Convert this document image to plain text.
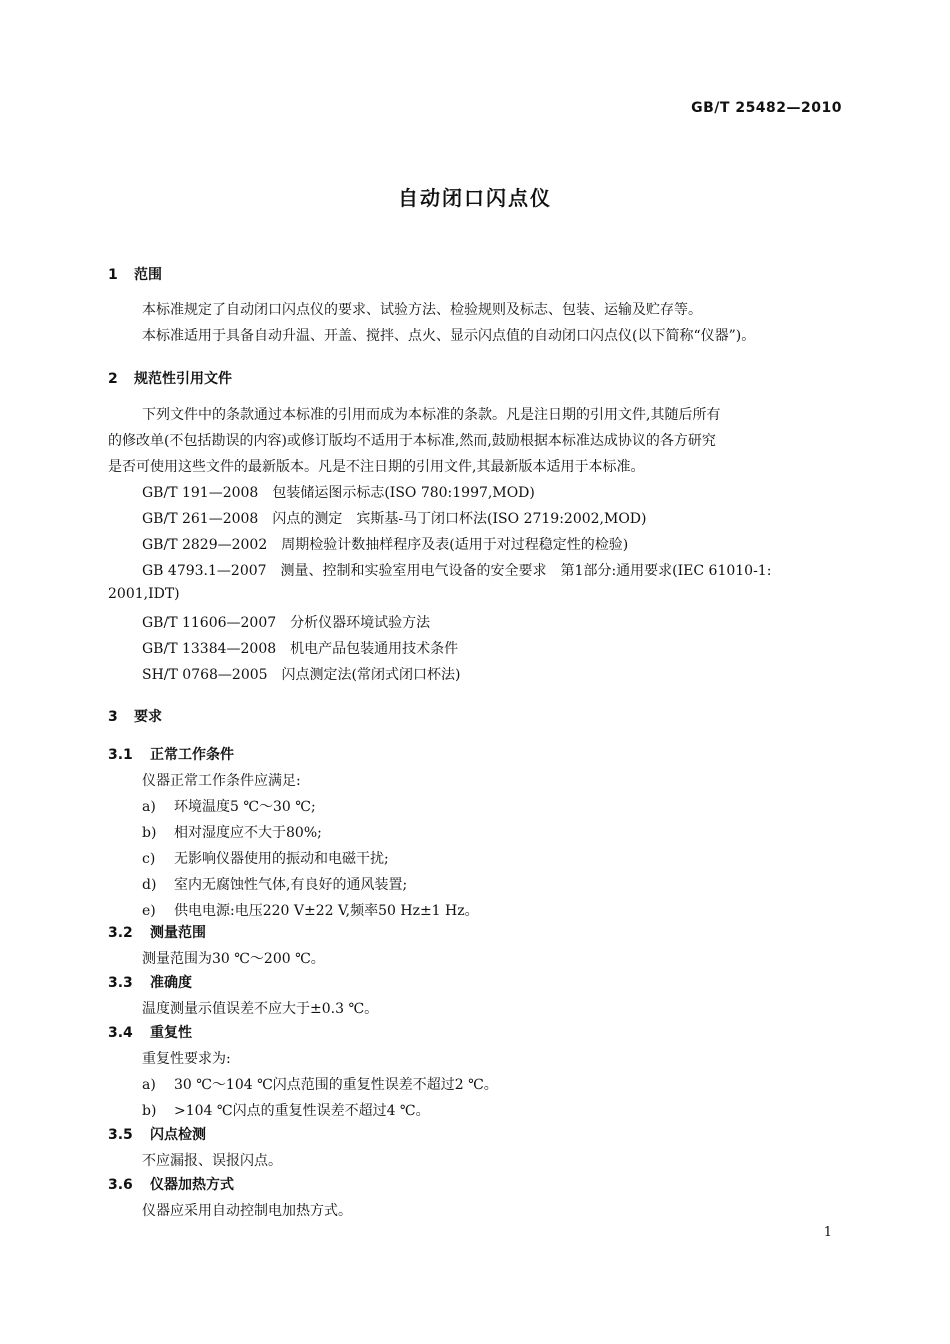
GB/T 25482—2010
自动闭口闪点仪
1 范围
本标准规定了自动闭口闪点仪的要求、试验方法、检验规则及标志、包装、运输及贮存等。
本标准适用于具备自动升温、开盖、搅拌、点火、显示闪点值的自动闭口闪点仪(以下简称“仪器”)。
2 规范性引用文件
下列文件中的条款通过本标准的引用而成为本标准的条款。凡是注日期的引用文件,其随后所有
的修改单(不包括勘误的内容)或修订版均不适用于本标准,然而,鼓励根据本标准达成协议的各方研究
是否可使用这些文件的最新版本。凡是不注日期的引用文件,其最新版本适用于本标准。
GB/T 191—2008　包装储运图示标志(ISO 780:1997,MOD)
GB/T 261—2008　闪点的测定　宾斯基-马丁闭口杯法(ISO 2719:2002,MOD)
GB/T 2829—2002　周期检验计数抽样程序及表(适用于对过程稳定性的检验)
GB 4793.1—2007　测量、控制和实验室用电气设备的安全要求　第1部分:通用要求(IEC 61010-1:
2001,IDT)
GB/T 11606—2007　分析仪器环境试验方法
GB/T 13384—2008　机电产品包装通用技术条件
SH/T 0768—2005　闪点测定法(常闭式闭口杯法)
3 要求
3.1 正常工作条件
仪器正常工作条件应满足:
a) 环境温度5 ℃～30 ℃;
b) 相对湿度应不大于80%;
c) 无影响仪器使用的振动和电磁干扰;
d) 室内无腐蚀性气体,有良好的通风装置;
e) 供电电源:电压220 V±22 V,频率50 Hz±1 Hz。
3.2 测量范围
测量范围为30 ℃～200 ℃。
3.3 准确度
温度测量示值误差不应大于±0.3 ℃。
3.4 重复性
重复性要求为:
a) 30 ℃～104 ℃闪点范围的重复性误差不超过2 ℃。
b) >104 ℃闪点的重复性误差不超过4 ℃。
3.5 闪点检测
不应漏报、误报闪点。
3.6 仪器加热方式
仪器应采用自动控制电加热方式。
1
